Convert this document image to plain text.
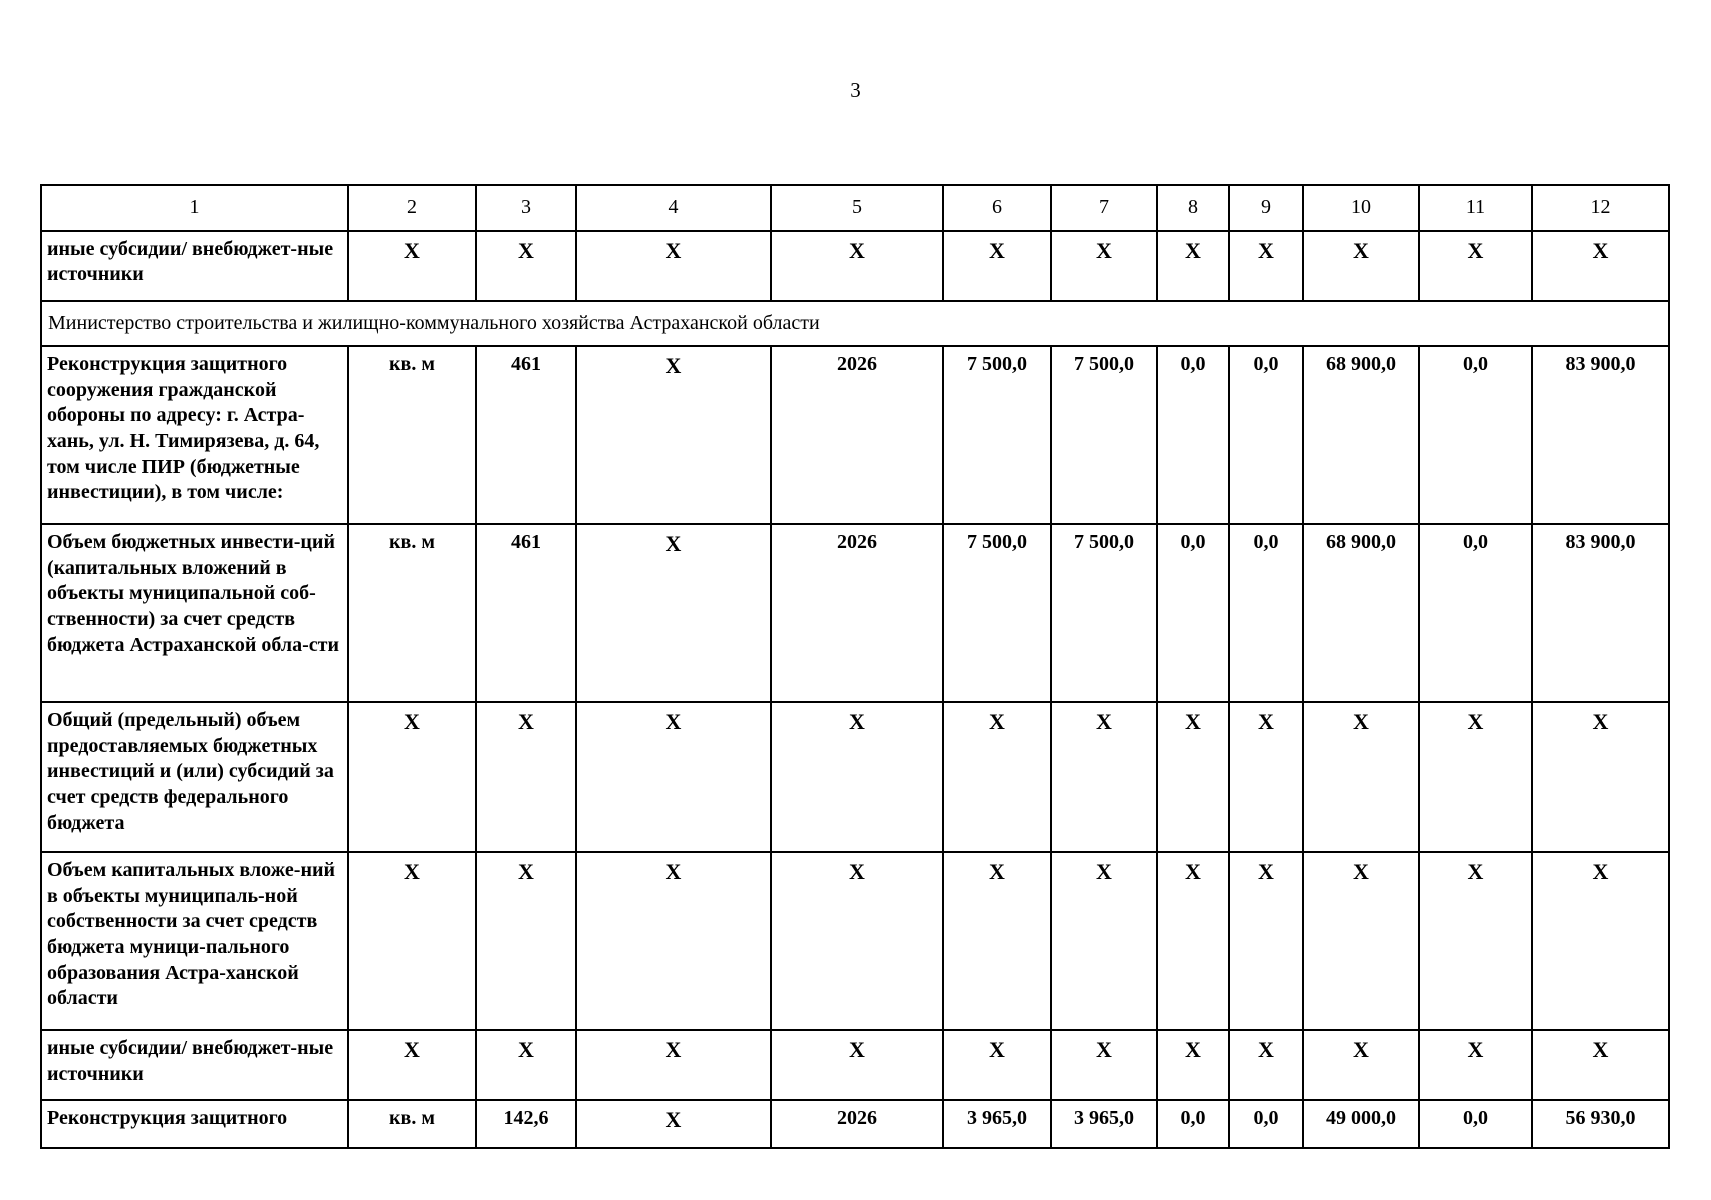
3
1	2	3	4	5	6	7	8	9	10	11	12
иные субсидии/ внебюджет-ные источники	X	X	X	X	X	X	X	X	X	X	X
Министерство строительства и жилищно-коммунального хозяйства Астраханской области											
Реконструкция защитного сооружения гражданской обороны по адресу: г. Астра-хань, ул. Н. Тимирязева, д. 64, том числе ПИР (бюджетные инвестиции), в том числе:	кв. м	461	X	2026	7 500,0	7 500,0	0,0	0,0	68 900,0	0,0	83 900,0
Объем бюджетных инвести-ций (капитальных вложений в объекты муниципальной соб-ственности) за счет средств бюджета Астраханской обла-сти	кв. м	461	X	2026	7 500,0	7 500,0	0,0	0,0	68 900,0	0,0	83 900,0
Общий (предельный) объем предоставляемых бюджетных инвестиций и (или) субсидий за счет средств федерального бюджета	X	X	X	X	X	X	X	X	X	X	X
Объем капитальных вложе-ний в объекты муниципаль-ной собственности за счет средств бюджета муници-пального образования Астра-ханской области	X	X	X	X	X	X	X	X	X	X	X
иные субсидии/ внебюджет-ные источники	X	X	X	X	X	X	X	X	X	X	X
Реконструкция защитного	кв. м	142,6	X	2026	3 965,0	3 965,0	0,0	0,0	49 000,0	0,0	56 930,0
